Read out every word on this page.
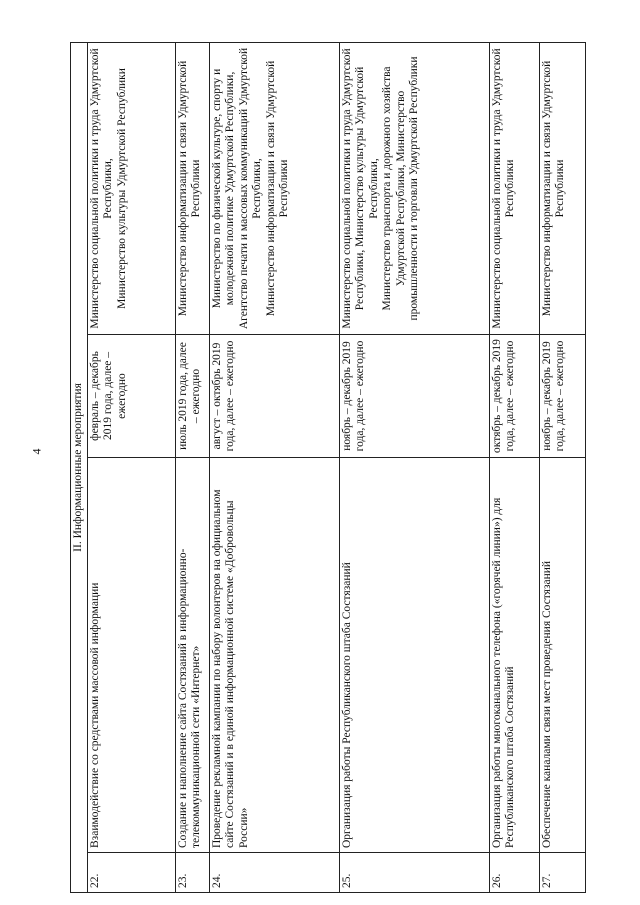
4 II. Информационные мероприятия			
22.	Взаимодействие со средствами массовой информации	февраль – декабрь 2019 года, далее – ежегодно	Министерство социальной политики и труда Удмуртской Республики, Министерство культуры Удмуртской Республики

23.	Создание и наполнение сайта Состязаний в информационно-телекоммуникационной сети «Интернет»	июль 2019 года, далее – ежегодно	Министерство информатизации и связи Удмуртской Республики

24.	Проведение рекламной кампании по набору волонтеров на официальном сайте Состязаний и в единой информационной системе «Добровольцы России»	август – октябрь 2019 года, далее – ежегодно	Министерство по физической культуре, спорту и молодежной политике Удмуртской Республики, Агентство печати и массовых коммуникаций Удмуртской Республики, Министерство информатизации и связи Удмуртской Республики

25.	Организация работы Республиканского штаба Состязаний	ноябрь – декабрь 2019 года, далее – ежегодно	Министерство социальной политики и труда Удмуртской Республики, Министерство культуры Удмуртской Республики, Министерство транспорта и дорожного хозяйства Удмуртской Республики, Министерство промышленности и торговли Удмуртской Республики

26.	Организация работы многоканального телефона («горячей линии») для Республиканского штаба Состязаний	октябрь – декабрь 2019 года, далее – ежегодно	Министерство социальной политики и труда Удмуртской Республики

27.	Обеспечение каналами связи мест проведения Состязаний	ноябрь – декабрь 2019 года, далее – ежегодно	Министерство информатизации и связи Удмуртской Республики
